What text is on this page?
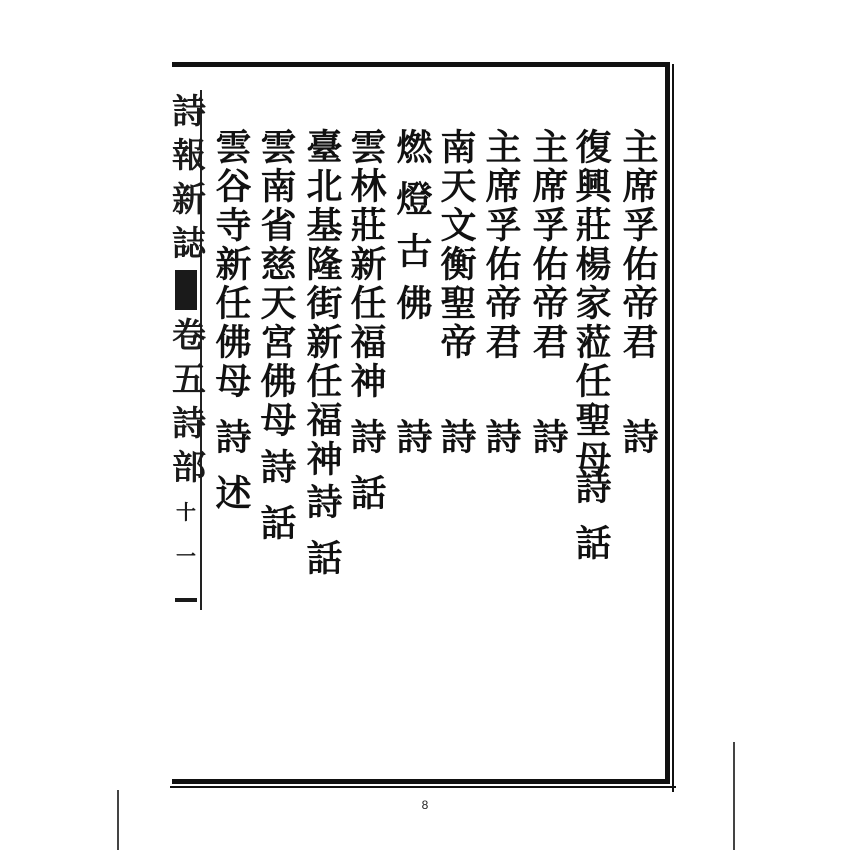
詩
報
新
誌
卷
五
詩
部
十一
主席孚佑帝君
詩
復興莊楊家蒞任聖母
詩話
主席孚佑帝君
詩
主席孚佑帝君
詩
南天文衡聖帝
詩
燃燈古佛
詩
雲林莊新任福神
詩話
臺北基隆街新任福神
詩話
雲南省慈天宮佛母
詩話
雲谷寺新任佛母
詩述
8
